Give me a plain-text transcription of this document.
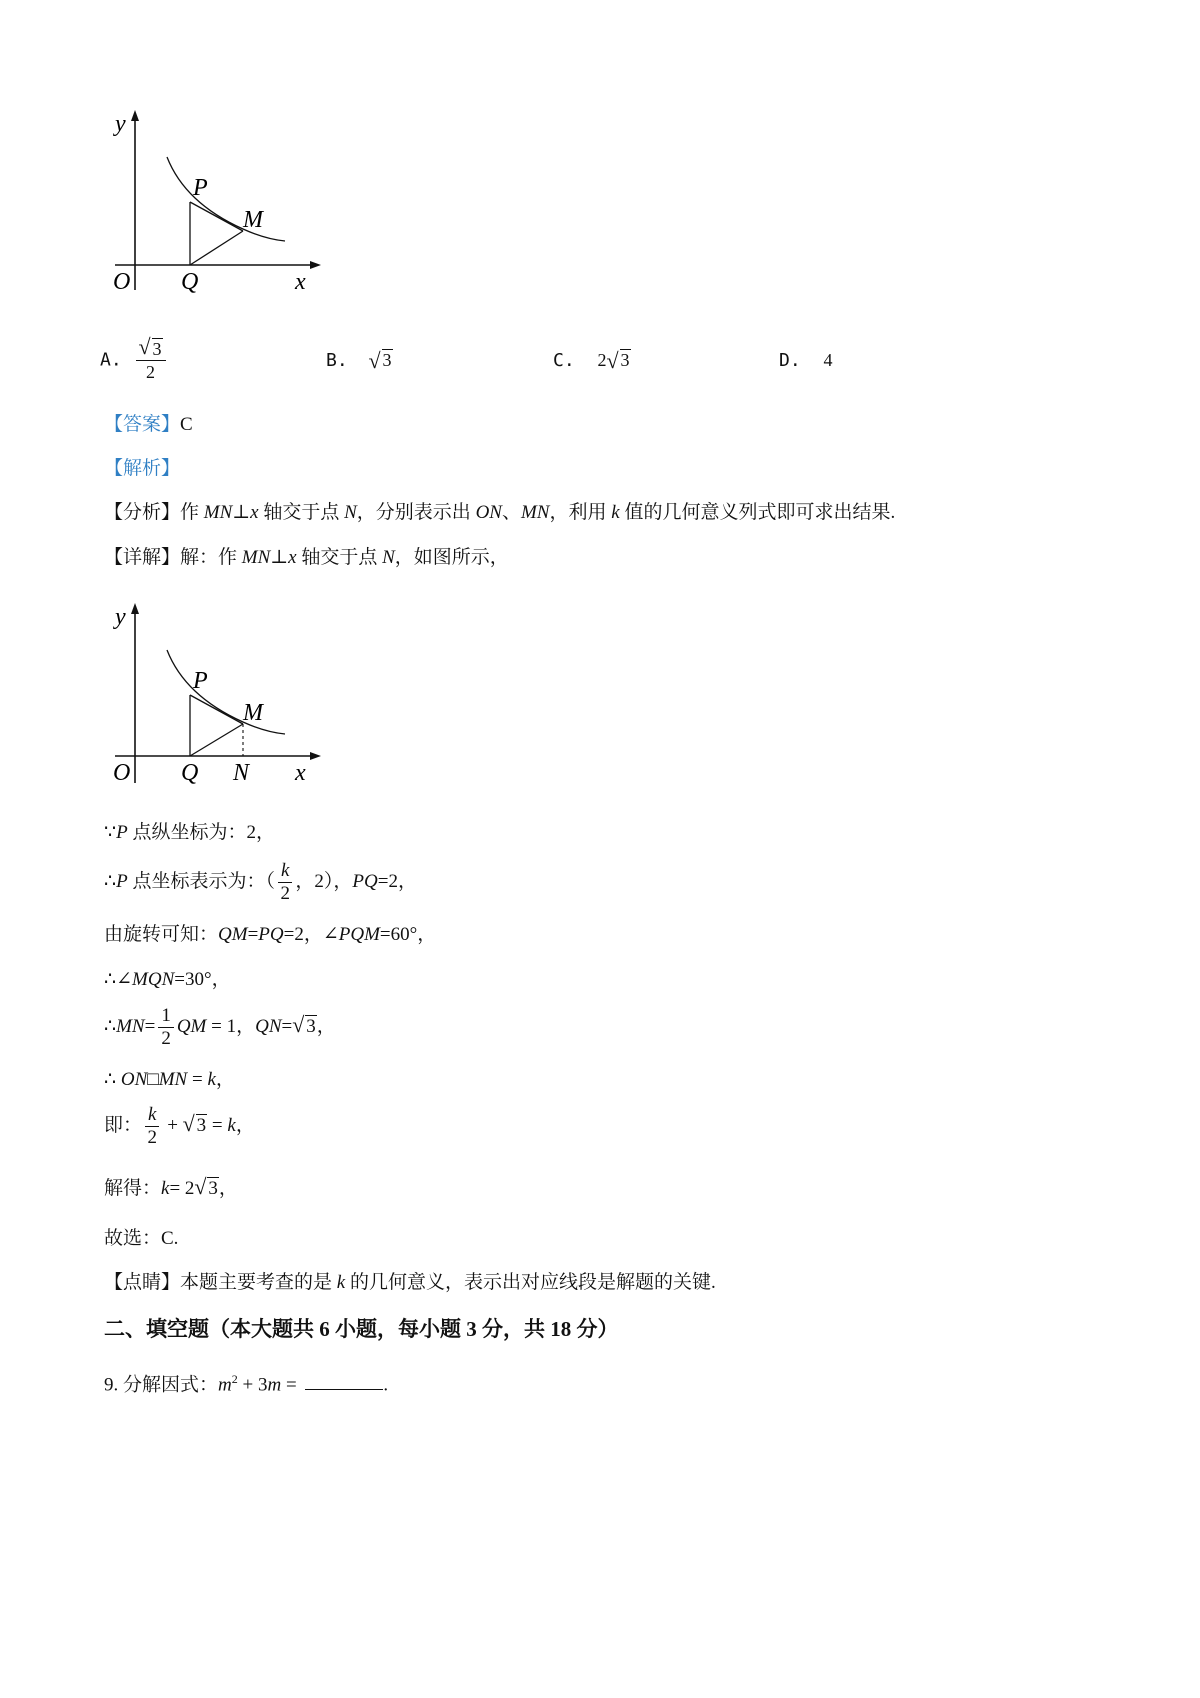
y
O Q	x
P
M
A. √ $\frac{3}{2}$	B. √ 3	C. 2 √ 3	D. 4
【答案】C
【解析】
【分析】作 MN⊥x 轴交于点 N，分别表示出 ON、MN，利用 k 值的几何意义列式即可求出结果.
【详解】解：作 MN⊥x 轴交于点 N，如图所示，
y
O Q N x
P
M
∵P 点纵坐标为：2，
∴P 点坐标表示为：（ $\frac{k}{2}$ ，2），PQ=2，
由旋转可知：QM=PQ=2，∠PQM=60°，
∴∠MQN=30°，
∴MN= $\frac{1}{2}$ QM = 1，QN= √ 3，
∴ ON□MN = k，
即： $\frac{k}{2}$ + √ 3 = k，
解得：k= 2 √ 3，
故选：C.
【点睛】本题主要考查的是 k 的几何意义，表示出对应线段是解题的关键.
二、填空题（本大题共 6 小题，每小题 3 分，共 18 分）
9. 分解因式：$m^2 + 3m$ =	.
